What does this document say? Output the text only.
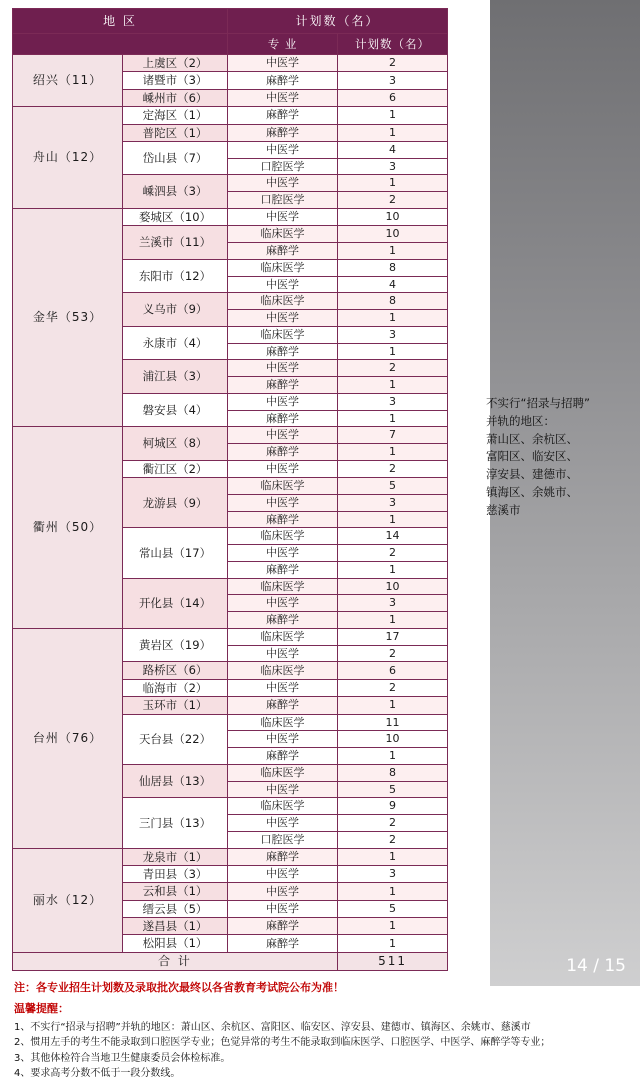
地 区		计划数（名）		
		专 业	计划数（名）	
绍兴（11）	上虞区（2）	中医学	2	
	诸暨市（3）	麻醉学	3	
	嵊州市（6）	中医学	6	
舟山（12）	定海区（1）	麻醉学	1	
	普陀区（1）	麻醉学	1	
	岱山县（7）	中医学	4	
		口腔医学	3	
	嵊泗县（3）	中医学	1	
		口腔医学	2	
金华（53）	婺城区（10）	中医学	10	
	兰溪市（11）	临床医学	10	
		麻醉学	1	
	东阳市（12）	临床医学	8	
		中医学	4	
	义乌市（9）	临床医学	8	
		中医学	1	
	永康市（4）	临床医学	3	
		麻醉学	1	
	浦江县（3）	中医学	2	
		麻醉学	1	
	磐安县（4）	中医学	3	
		麻醉学	1	
衢州（50）	柯城区（8）	中医学	7	
		麻醉学	1	
	衢江区（2）	中医学	2	
	龙游县（9）	临床医学	5	
		中医学	3	
		麻醉学	1	
	常山县（17）	临床医学	14	
		中医学	2	
		麻醉学	1	
	开化县（14）	临床医学	10	
		中医学	3	
		麻醉学	1	
台州（76）	黄岩区（19）	临床医学	17	
		中医学	2	
	路桥区（6）	临床医学	6	
	临海市（2）	中医学	2	
	玉环市（1）	麻醉学	1	
	天台县（22）	临床医学	11	
		中医学	10	
		麻醉学	1	
	仙居县（13）	临床医学	8	
		中医学	5	
	三门县（13）	临床医学	9	
		中医学	2	
		口腔医学	2	
丽水（12）	龙泉市（1）	麻醉学	1	
	青田县（3）	中医学	3	
	云和县（1）	中医学	1	
	缙云县（5）	中医学	5	
	遂昌县（1）	麻醉学	1	
	松阳县（1）	麻醉学	1	
合 计			511	
不实行“招录与招聘”
并轨的地区：
萧山区、余杭区、
富阳区、临安区、
淳安县、建德市、
镇海区、余姚市、
慈溪市
注：各专业招生计划数及录取批次最终以各省教育考试院公布为准！
温馨提醒：
1、不实行“招录与招聘”并轨的地区：萧山区、余杭区、富阳区、临安区、淳安县、建德市、镇海区、余姚市、慈溪市
2、惯用左手的考生不能录取到口腔医学专业；色觉异常的考生不能录取到临床医学、口腔医学、中医学、麻醉学等专业；
3、其他体检符合当地卫生健康委员会体检标准。
4、要求高考分数不低于一段分数线。
14 / 15
